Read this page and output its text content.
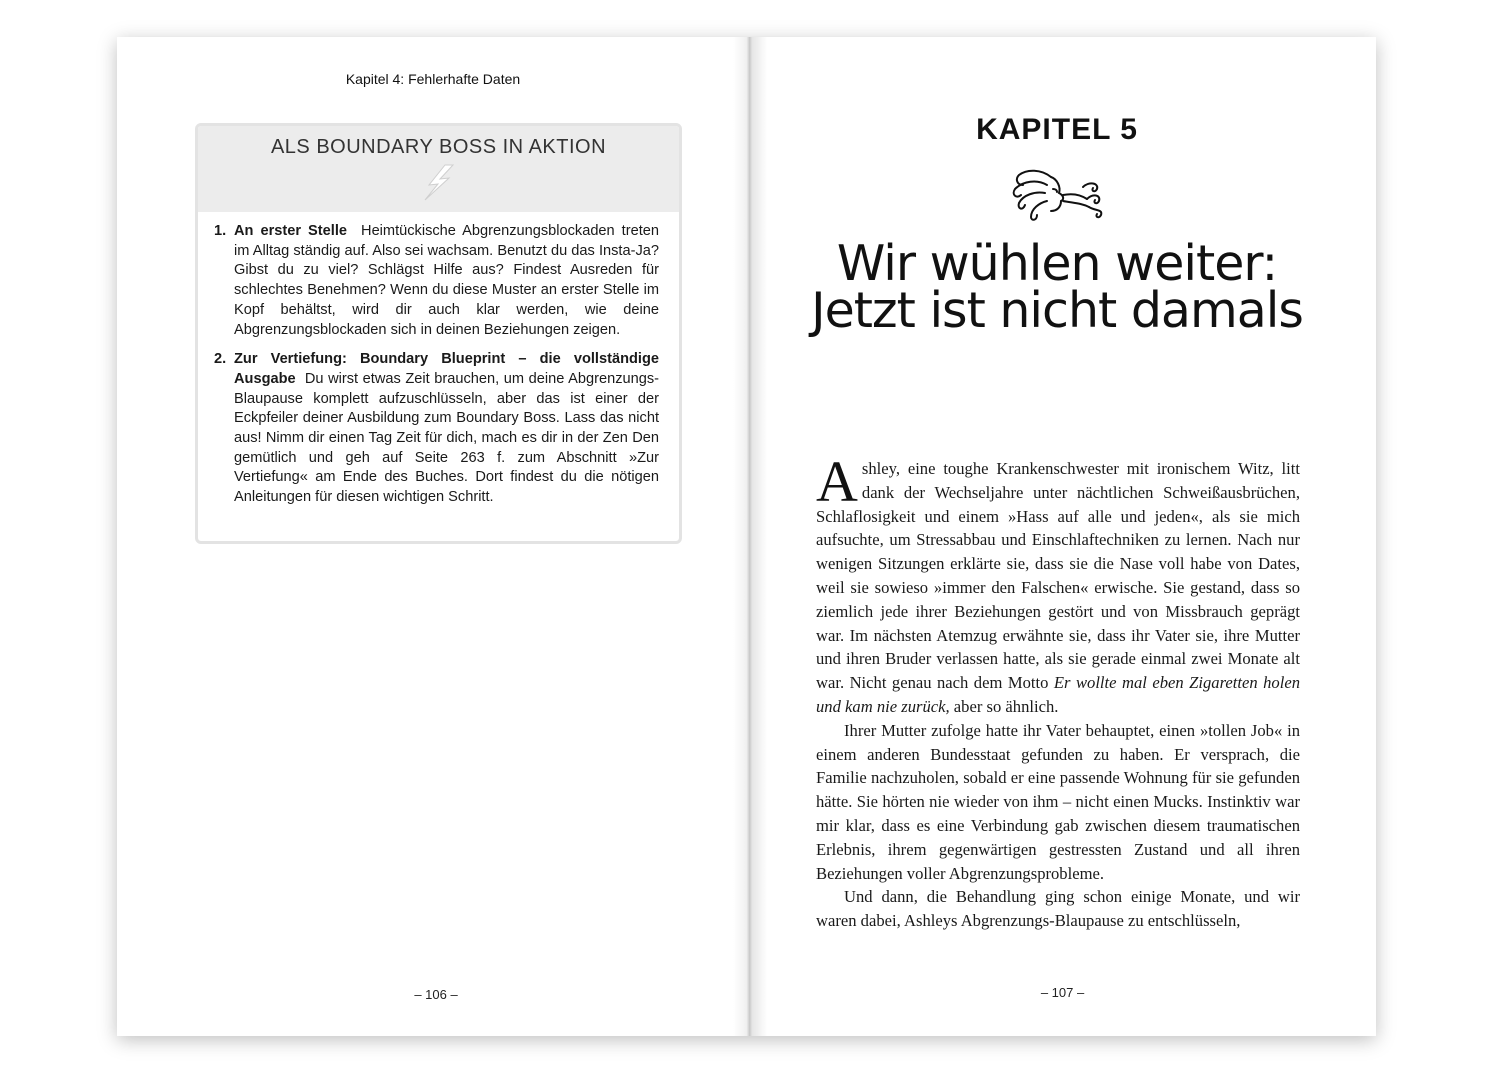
Kapitel 4: Fehlerhafte Daten
ALS BOUNDARY BOSS IN AKTION
1. An erster Stelle Heimtückische Abgrenzungsblockaden treten im Alltag ständig auf. Also sei wachsam. Benutzt du das Insta-Ja? Gibst du zu viel? Schlägst Hilfe aus? Findest Ausreden für schlechtes Benehmen? Wenn du diese Muster an erster Stelle im Kopf behältst, wird dir auch klar werden, wie deine Abgrenzungsblockaden sich in deinen Beziehungen zeigen.
2. Zur Vertiefung: Boundary Blueprint – die vollständige Ausgabe Du wirst etwas Zeit brauchen, um deine Abgrenzungs-Blaupause komplett aufzuschlüsseln, aber das ist einer der Eckpfeiler deiner Ausbildung zum Boundary Boss. Lass das nicht aus! Nimm dir einen Tag Zeit für dich, mach es dir in der Zen Den gemütlich und geh auf Seite 263 f. zum Abschnitt »Zur Vertiefung« am Ende des Buches. Dort findest du die nötigen Anleitungen für diesen wichtigen Schritt.
– 106 –
KAPITEL 5
Wir wühlen weiter: Jetzt ist nicht damals

Ashley, eine toughe Krankenschwester mit ironischem Witz, litt dank der Wechseljahre unter nächtlichen Schweißausbrüchen, Schlaflosigkeit und einem »Hass auf alle und jeden«, als sie mich aufsuchte, um Stressabbau und Einschlaftechniken zu lernen. Nach nur wenigen Sitzungen erklärte sie, dass sie die Nase voll habe von Dates, weil sie sowieso »immer den Falschen« erwische. Sie gestand, dass so ziemlich jede ihrer Beziehungen gestört und von Missbrauch geprägt war. Im nächsten Atemzug erwähnte sie, dass ihr Vater sie, ihre Mutter und ihren Bruder verlassen hatte, als sie gerade einmal zwei Monate alt war. Nicht genau nach dem Motto Er wollte mal eben Zigaretten holen und kam nie zurück, aber so ähnlich.

Ihrer Mutter zufolge hatte ihr Vater behauptet, einen »tollen Job« in einem anderen Bundesstaat gefunden zu haben. Er versprach, die Familie nachzuholen, sobald er eine passende Wohnung für sie gefunden hätte. Sie hörten nie wieder von ihm – nicht einen Mucks. Instinktiv war mir klar, dass es eine Verbindung gab zwischen diesem traumatischen Erlebnis, ihrem gegenwärtigen gestressten Zustand und all ihren Beziehungen voller Abgrenzungsprobleme.

Und dann, die Behandlung ging schon einige Monate, und wir waren dabei, Ashleys Abgrenzungs-Blaupause zu entschlüsseln,

– 107 –
